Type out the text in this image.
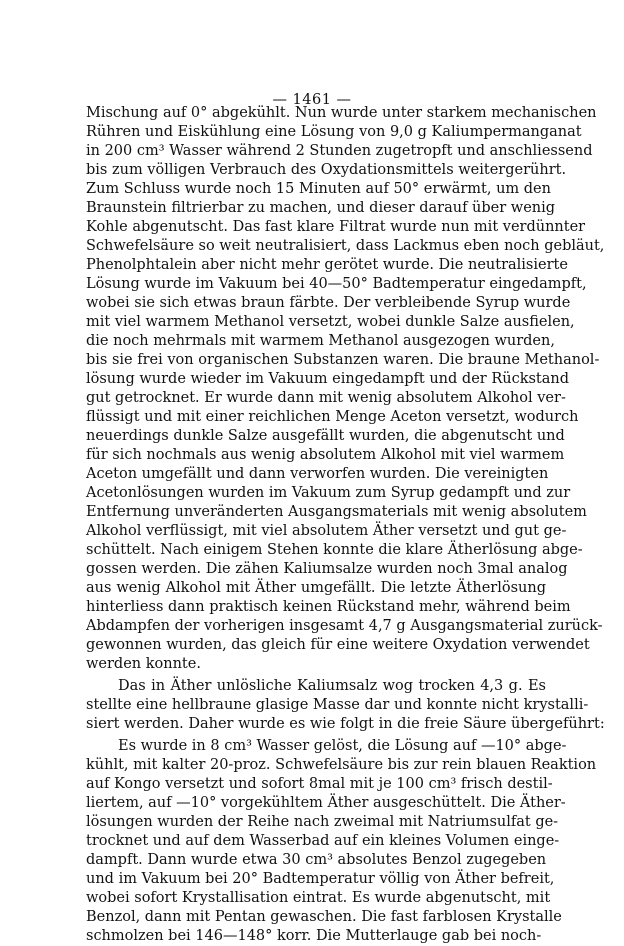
— 1461 —
Mischung auf 0° abgekühlt. Nun wurde unter starkem mechanischen
Rühren und Eiskühlung eine Lösung von 9,0 g Kaliumpermanganat
in 200 cm³ Wasser während 2 Stunden zugetropft und anschliessend
bis zum völligen Verbrauch des Oxydationsmittels weitergerührt.
Zum Schluss wurde noch 15 Minuten auf 50° erwärmt, um den
Braunstein filtrierbar zu machen, und dieser darauf über wenig
Kohle abgenutscht. Das fast klare Filtrat wurde nun mit verdünnter
Schwefelsäure so weit neutralisiert, dass Lackmus eben noch gebläut,
Phenolphtalein aber nicht mehr gerötet wurde. Die neutralisierte
Lösung wurde im Vakuum bei 40—50° Badtemperatur eingedampft,
wobei sie sich etwas braun färbte. Der verbleibende Syrup wurde
mit viel warmem Methanol versetzt, wobei dunkle Salze ausfielen,
die noch mehrmals mit warmem Methanol ausgezogen wurden,
bis sie frei von organischen Substanzen waren. Die braune Methanol-
lösung wurde wieder im Vakuum eingedampft und der Rückstand
gut getrocknet. Er wurde dann mit wenig absolutem Alkohol ver-
flüssigt und mit einer reichlichen Menge Aceton versetzt, wodurch
neuerdings dunkle Salze ausgefällt wurden, die abgenutscht und
für sich nochmals aus wenig absolutem Alkohol mit viel warmem
Aceton umgefällt und dann verworfen wurden. Die vereinigten
Acetonlösungen wurden im Vakuum zum Syrup gedampft und zur
Entfernung unveränderten Ausgangsmaterials mit wenig absolutem
Alkohol verflüssigt, mit viel absolutem Äther versetzt und gut ge-
schüttelt. Nach einigem Stehen konnte die klare Ätherlösung abge-
gossen werden. Die zähen Kaliumsalze wurden noch 3mal analog
aus wenig Alkohol mit Äther umgefällt. Die letzte Ätherlösung
hinterliess dann praktisch keinen Rückstand mehr, während beim
Abdampfen der vorherigen insgesamt 4,7 g Ausgangsmaterial zurück-
gewonnen wurden, das gleich für eine weitere Oxydation verwendet
werden konnte.
Das in Äther unlösliche Kaliumsalz wog trocken 4,3 g. Es
stellte eine hellbraune glasige Masse dar und konnte nicht krystalli-
siert werden. Daher wurde es wie folgt in die freie Säure übergeführt:
Es wurde in 8 cm³ Wasser gelöst, die Lösung auf —10° abge-
kühlt, mit kalter 20-proz. Schwefelsäure bis zur rein blauen Reaktion
auf Kongo versetzt und sofort 8mal mit je 100 cm³ frisch destil-
liertem, auf —10° vorgekühltem Äther ausgeschüttelt. Die Äther-
lösungen wurden der Reihe nach zweimal mit Natriumsulfat ge-
trocknet und auf dem Wasserbad auf ein kleines Volumen einge-
dampft. Dann wurde etwa 30 cm³ absolutes Benzol zugegeben
und im Vakuum bei 20° Badtemperatur völlig von Äther befreit,
wobei sofort Krystallisation eintrat. Es wurde abgenutscht, mit
Benzol, dann mit Pentan gewaschen. Die fast farblosen Krystalle
schmolzen bei 146—148° korr. Die Mutterlauge gab bei noch-
